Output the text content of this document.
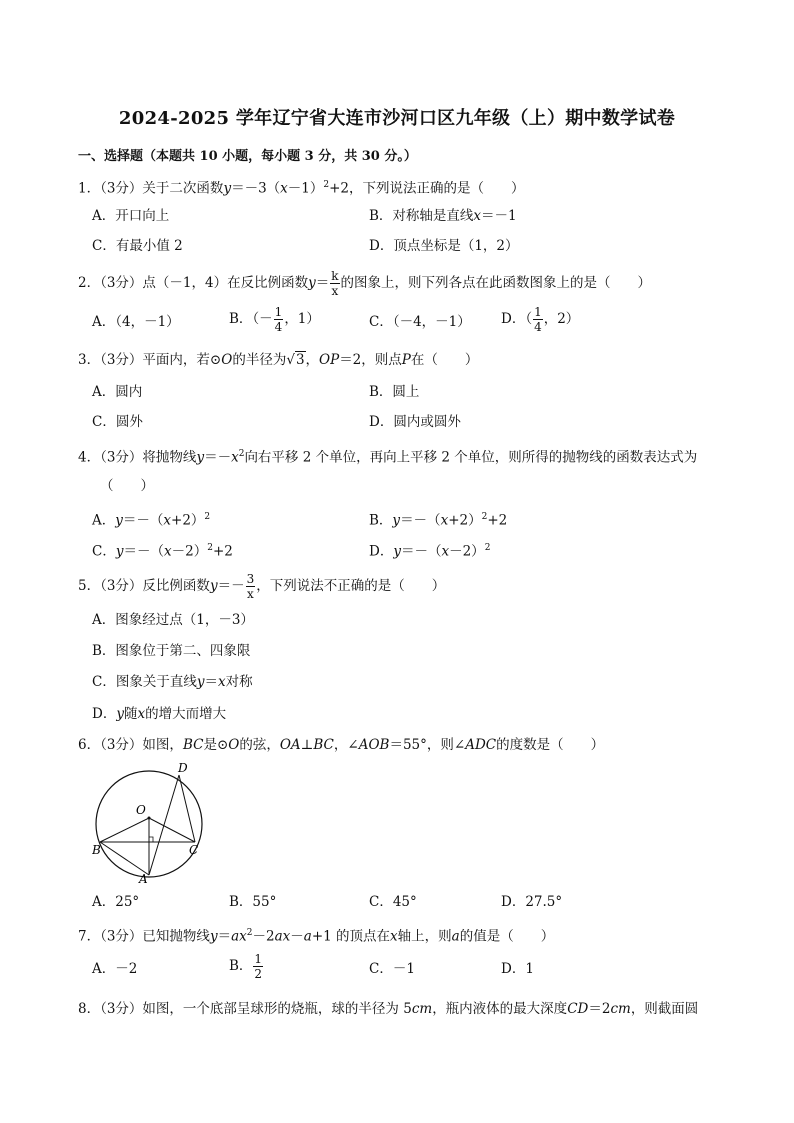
2024-2025 学年辽宁省大连市沙河口区九年级（上）期中数学试卷
一、选择题（本题共 10 小题，每小题 3 分，共 30 分。）
1．（3分）关于二次函数$y=-3(x-1)^2+2$，下列说法正确的是（　　）
A．开口向上	B．对称轴是直线x＝－1
C．有最小值 2	D．顶点坐标是（1，2）
2．（3分）点（－1，4）在反比例函数$y= \frac{k}{x}$ 的图象上，则下列各点在此函数图象上的是（　　）
A．（4，－1）	B．（－ $\frac{1}{4}$ ，1）	C．（－4，－1） D．（ $\frac{1}{4}$ ，2）
3．（3分）平面内，若⊙O的半径为√3，OP＝2，则点P在（　　）
A．圆内	B．圆上
C．圆外	D．圆内或圆外
4．（3分）将抛物线$y=-x^2$向右平移 2 个单位，再向上平移 2 个单位，则所得的抛物线的函数表达式为
（　　）
A．$y=-(x+2)^2$	B．$y=-(x+2)^2+2$
C．$y=-(x-2)^2+2$	D．$y=-(x-2)^2$
5．（3分）反比例函数$y=- \frac{3}{x}$ ，下列说法不正确的是（　　）
A．图象经过点（1，－3）
B．图象位于第二、四象限
C．图象关于直线y＝x对称
D．y随x的增大而增大
6．（3分）如图，BC是⊙O的弦，OA⊥BC，∠AOB＝55°，则∠ADC的度数是（　　）
O
D
B	C
A
A．25°	B．55°	C．45°	D．27.5°
7．（3分）已知抛物线$y=ax^2-2ax-a+1$ 的顶点在x轴上，则a的值是（　　）
A．－2	B． $\frac{1}{2}$	C．－1	D．1
8．（3分）如图，一个底部呈球形的烧瓶，球的半径为 5cm，瓶内液体的最大深度CD＝2cm，则截面圆
